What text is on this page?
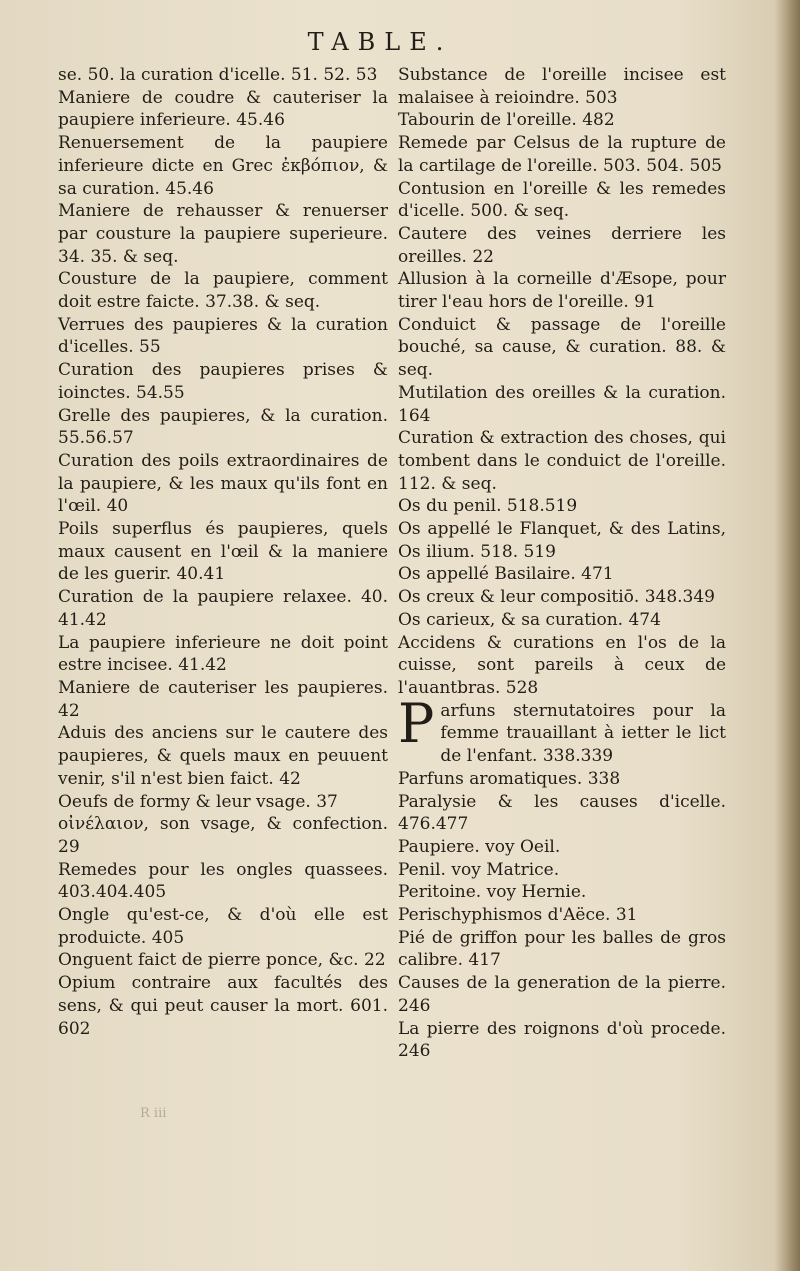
TABLE.
se. 50. la curation d'icelle. 51. 52. 53
Maniere de coudre & cauteriser la paupiere inferieure. 45.46
Renuersement de la paupiere inferieure dicte en Grec ἐκβόπιον, & sa curation. 45.46
Maniere de rehausser & renuerser par cousture la paupiere superieure. 34. 35. & seq.
Cousture de la paupiere, comment doit estre faicte. 37.38. & seq.
Verrues des paupieres & la curation d'icelles. 55
Curation des paupieres prises & ioinctes. 54.55
Grelle des paupieres, & la curation. 55.56.57
Curation des poils extraordinaires de la paupiere, & les maux qu'ils font en l'œil. 40
Poils superflus és paupieres, quels maux causent en l'œil & la maniere de les guerir. 40.41
Curation de la paupiere relaxee. 40. 41.42
La paupiere inferieure ne doit point estre incisee. 41.42
Maniere de cauteriser les paupieres. 42
Aduis des anciens sur le cautere des paupieres, & quels maux en peuuent venir, s'il n'est bien faict. 42
Oeufs de formy & leur vsage. 37
οἰνέλαιον, son vsage, & confection. 29
Remedes pour les ongles quassees. 403.404.405
Ongle qu'est-ce, & d'où elle est produicte. 405
Onguent faict de pierre ponce, &c. 22
Opium contraire aux facultés des sens, & qui peut causer la mort. 601. 602
Substance de l'oreille incisee est malaisee à reioindre. 503
Tabourin de l'oreille. 482
Remede par Celsus de la rupture de la cartilage de l'oreille. 503. 504. 505
Contusion en l'oreille & les remedes d'icelle. 500. & seq.
Cautere des veines derriere les oreilles. 22
Allusion à la corneille d'Æsope, pour tirer l'eau hors de l'oreille. 91
Conduict & passage de l'oreille bouché, sa cause, & curation. 88. & seq.
Mutilation des oreilles & la curation. 164
Curation & extraction des choses, qui tombent dans le conduict de l'oreille. 112. & seq.
Os du penil. 518.519
Os appellé le Flanquet, & des Latins, Os ilium. 518. 519
Os appellé Basilaire. 471
Os creux & leur compositiō. 348.349
Os carieux, & sa curation. 474
Accidens & curations en l'os de la cuisse, sont pareils à ceux de l'auantbras. 528
P arfuns sternutatoires pour la femme trauaillant à ietter le lict de l'enfant. 338.339
Parfuns aromatiques. 338
Paralysie & les causes d'icelle. 476.477
Paupiere. voy Oeil.
Penil. voy Matrice.
Peritoine. voy Hernie.
Perischyphismos d'Aëce. 31
Pié de griffon pour les balles de gros calibre. 417
Causes de la generation de la pierre. 246
La pierre des roignons d'où procede. 246
R iii
